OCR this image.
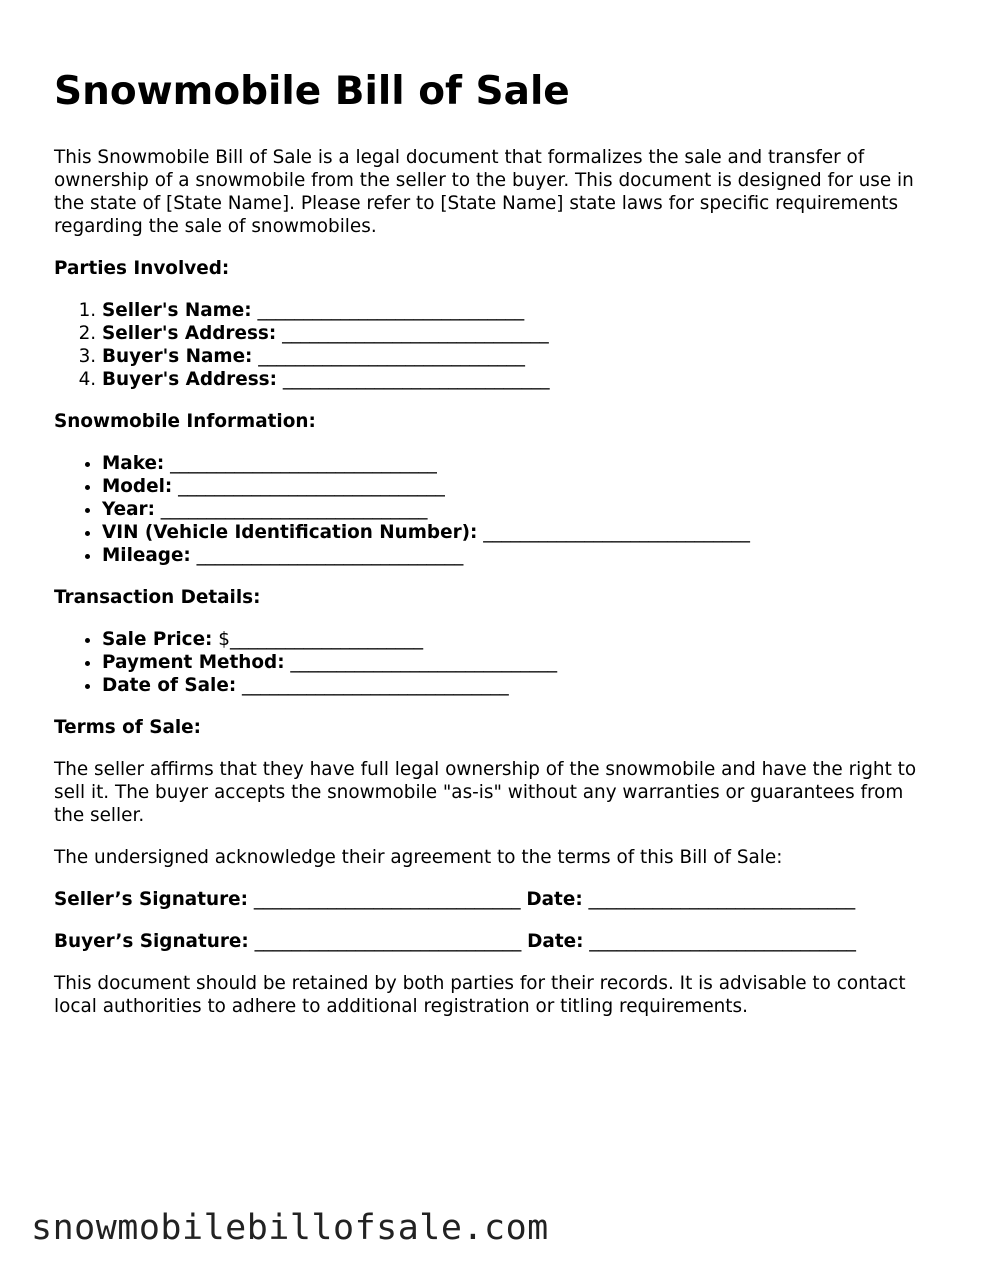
Snowmobile Bill of Sale

This Snowmobile Bill of Sale is a legal document that formalizes the sale and transfer of ownership of a snowmobile from the seller to the buyer. This document is designed for use in the state of [State Name]. Please refer to [State Name] state laws for specific requirements regarding the sale of snowmobiles.

Parties Involved:
1. Seller's Name: _____________________________
2. Seller's Address: _____________________________
3. Buyer's Name: _____________________________
4. Buyer's Address: _____________________________
Snowmobile Information:
• Make: _____________________________
• Model: _____________________________
• Year: _____________________________
• VIN (Vehicle Identification Number): _____________________________
• Mileage: _____________________________
Transaction Details:
• Sale Price: $_____________________
• Payment Method: _____________________________
• Date of Sale: _____________________________
Terms of Sale:

The seller affirms that they have full legal ownership of the snowmobile and have the right to sell it. The buyer accepts the snowmobile "as-is" without any warranties or guarantees from the seller.

The undersigned acknowledge their agreement to the terms of this Bill of Sale:

Seller’s Signature: _____________________________ Date: _____________________________
Buyer’s Signature: _____________________________ Date: _____________________________

This document should be retained by both parties for their records. It is advisable to contact local authorities to adhere to additional registration or titling requirements.

snowmobilebillofsale.com
